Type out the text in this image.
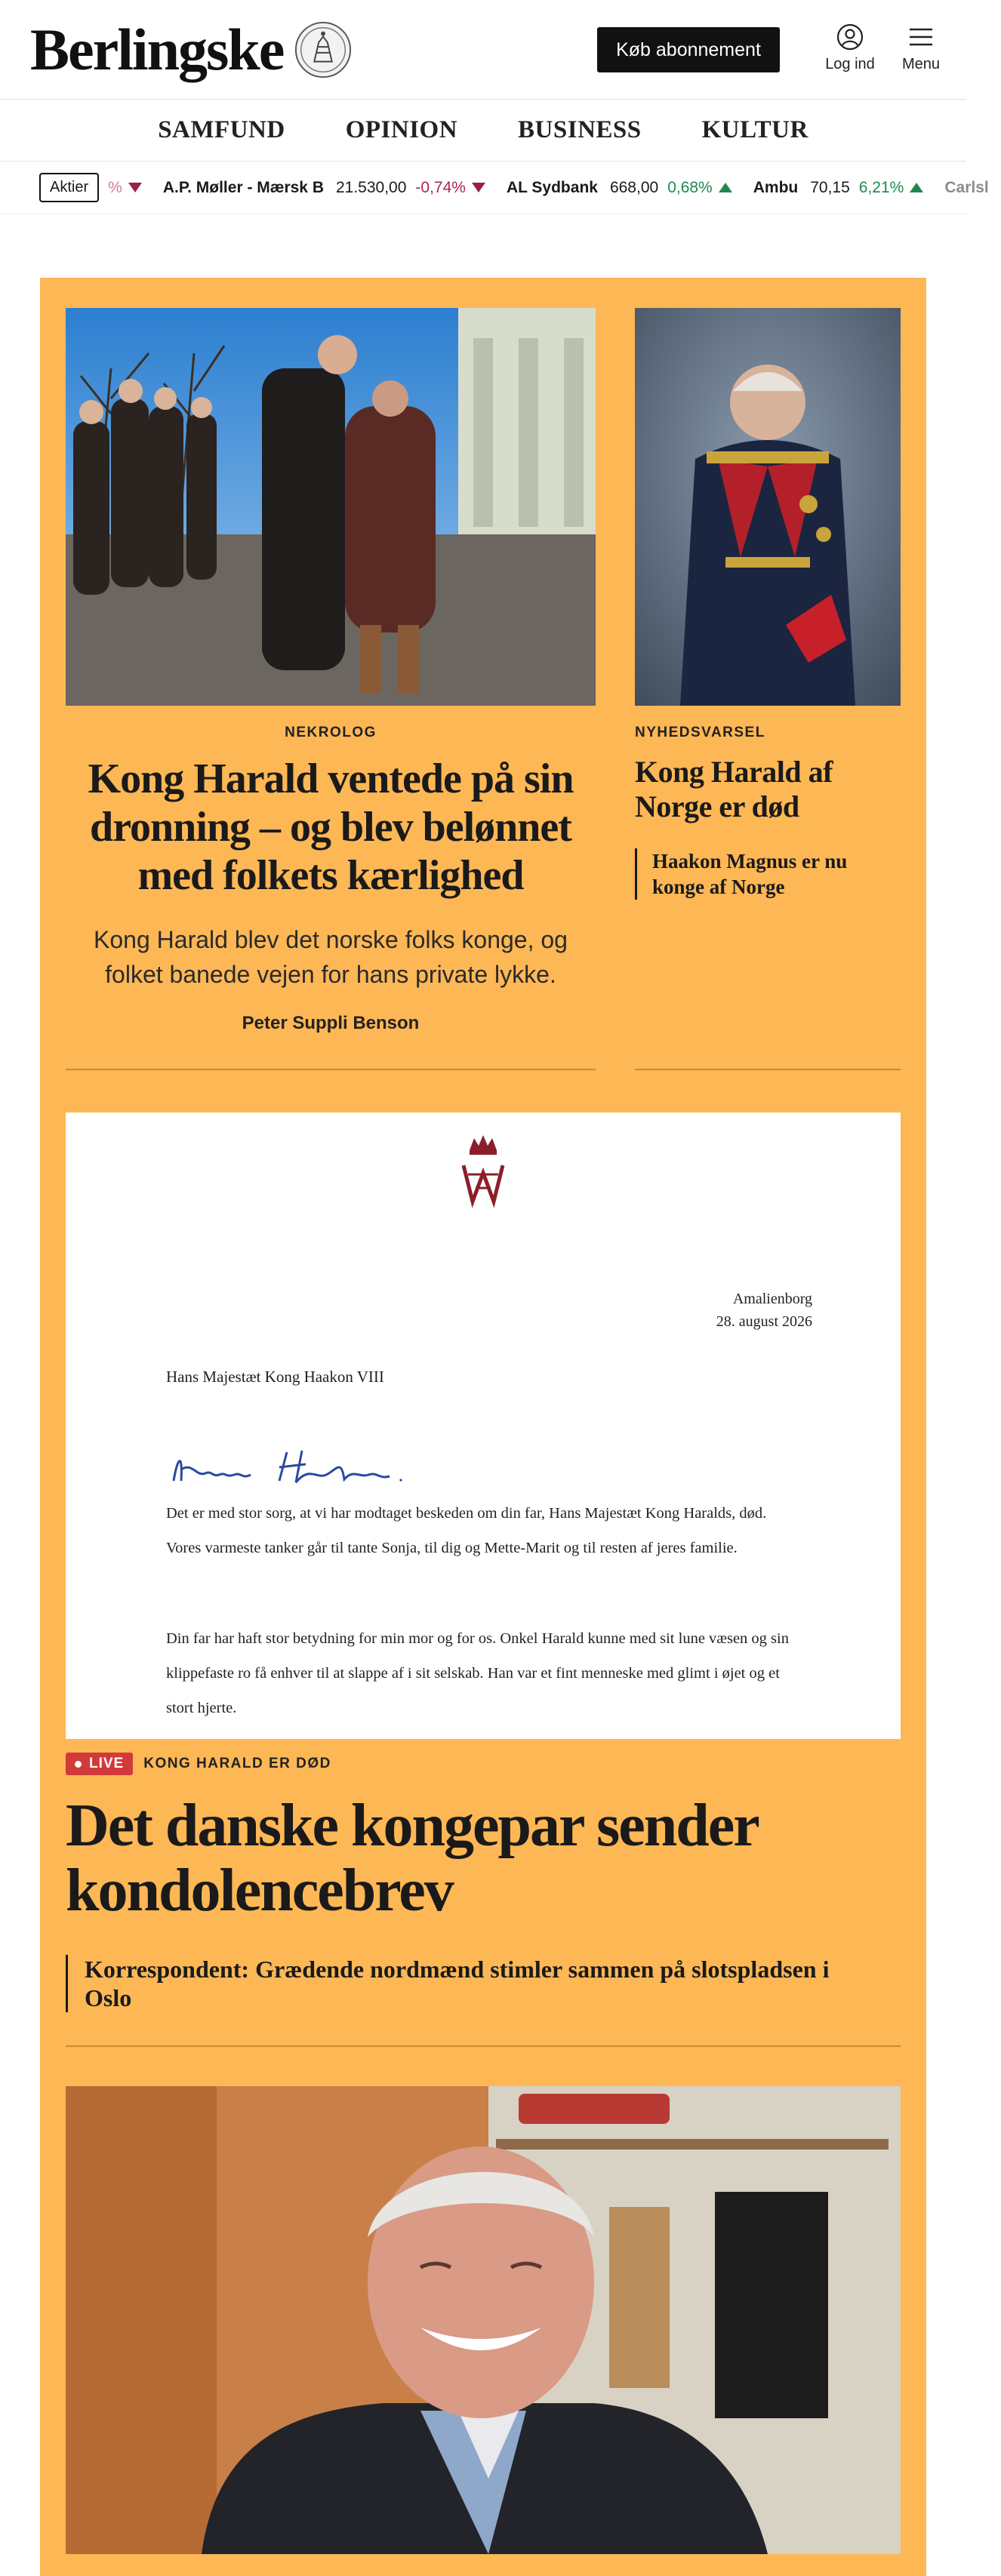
Berlingske	Køb abonnement
Log ind Menu
SAMFUND OPINION BUSINESS KULTUR
Aktier	%	A.P. Møller - Mærsk B 21.530,00 -0,74%	AL Sydbank 668,00 0,68%	Ambu 70,15 6,21%	Carlsl
NEKROLOG
Kong Harald ventede på sin dronning – og blev belønnet med folkets kærlighed

Kong Harald blev det norske folks konge, og folket banede vejen for hans private lykke.

Peter Suppli Benson
NYHEDSVARSEL
Kong Harald af Norge er død
Haakon Magnus er nu konge af Norge
Amalienborg
28. august 2026
Hans Majestæt Kong Haakon VIII
Det er med stor sorg, at vi har modtaget beskeden om din far, Hans Majestæt Kong Haralds, død. Vores varmeste tanker går til tante Sonja, til dig og Mette-Marit og til resten af jeres familie.
Din far har haft stor betydning for min mor og for os. Onkel Harald kunne med sit lune væsen og sin klippefaste ro få enhver til at slappe af i sit selskab. Han var et fint menneske med glimt i øjet og et stort hjerte.
LIVE KONG HARALD ER DØD
Det danske kongepar sender kondolencebrev
Korrespondent: Grædende nordmænd stimler sammen på slotspladsen i Oslo
